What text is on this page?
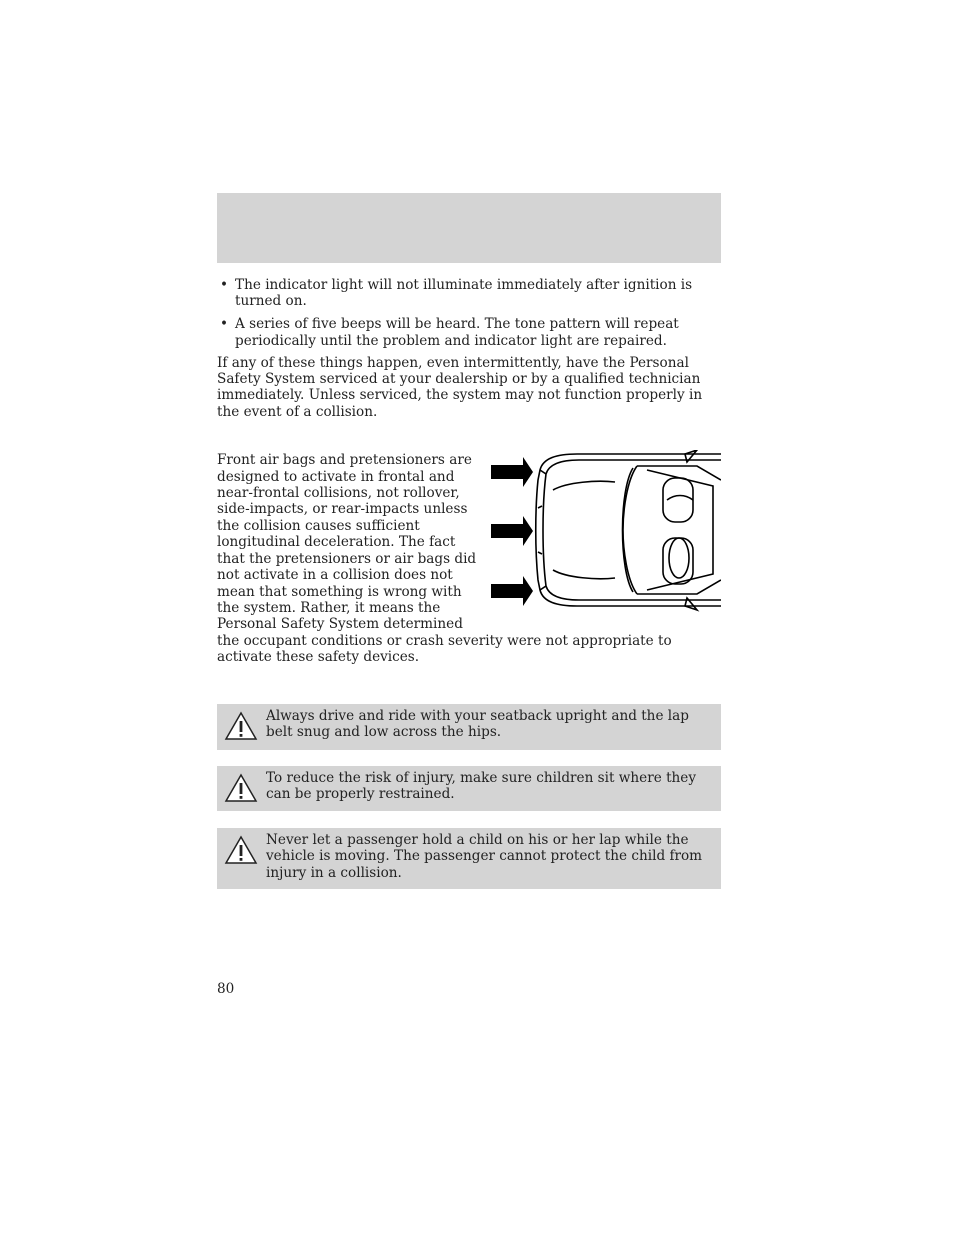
• The indicator light will not illuminate immediately after ignition is turned on.
• A series of five beeps will be heard. The tone pattern will repeat periodically until the problem and indicator light are repaired.

If any of these things happen, even intermittently, have the Personal Safety System serviced at your dealership or by a qualified technician immediately. Unless serviced, the system may not function properly in the event of a collision.

Front air bags and pretensioners are designed to activate in frontal and near-frontal collisions, not rollover, side-impacts, or rear-impacts unless the collision causes sufficient longitudinal deceleration. The fact that the pretensioners or air bags did not activate in a collision does not mean that something is wrong with the system. Rather, it means the Personal Safety System determined the occupant conditions or crash severity were not appropriate to activate these safety devices.

Always drive and ride with your seatback upright and the lap belt snug and low across the hips.
To reduce the risk of injury, make sure children sit where they can be properly restrained.
Never let a passenger hold a child on his or her lap while the vehicle is moving. The passenger cannot protect the child from injury in a collision.
80
